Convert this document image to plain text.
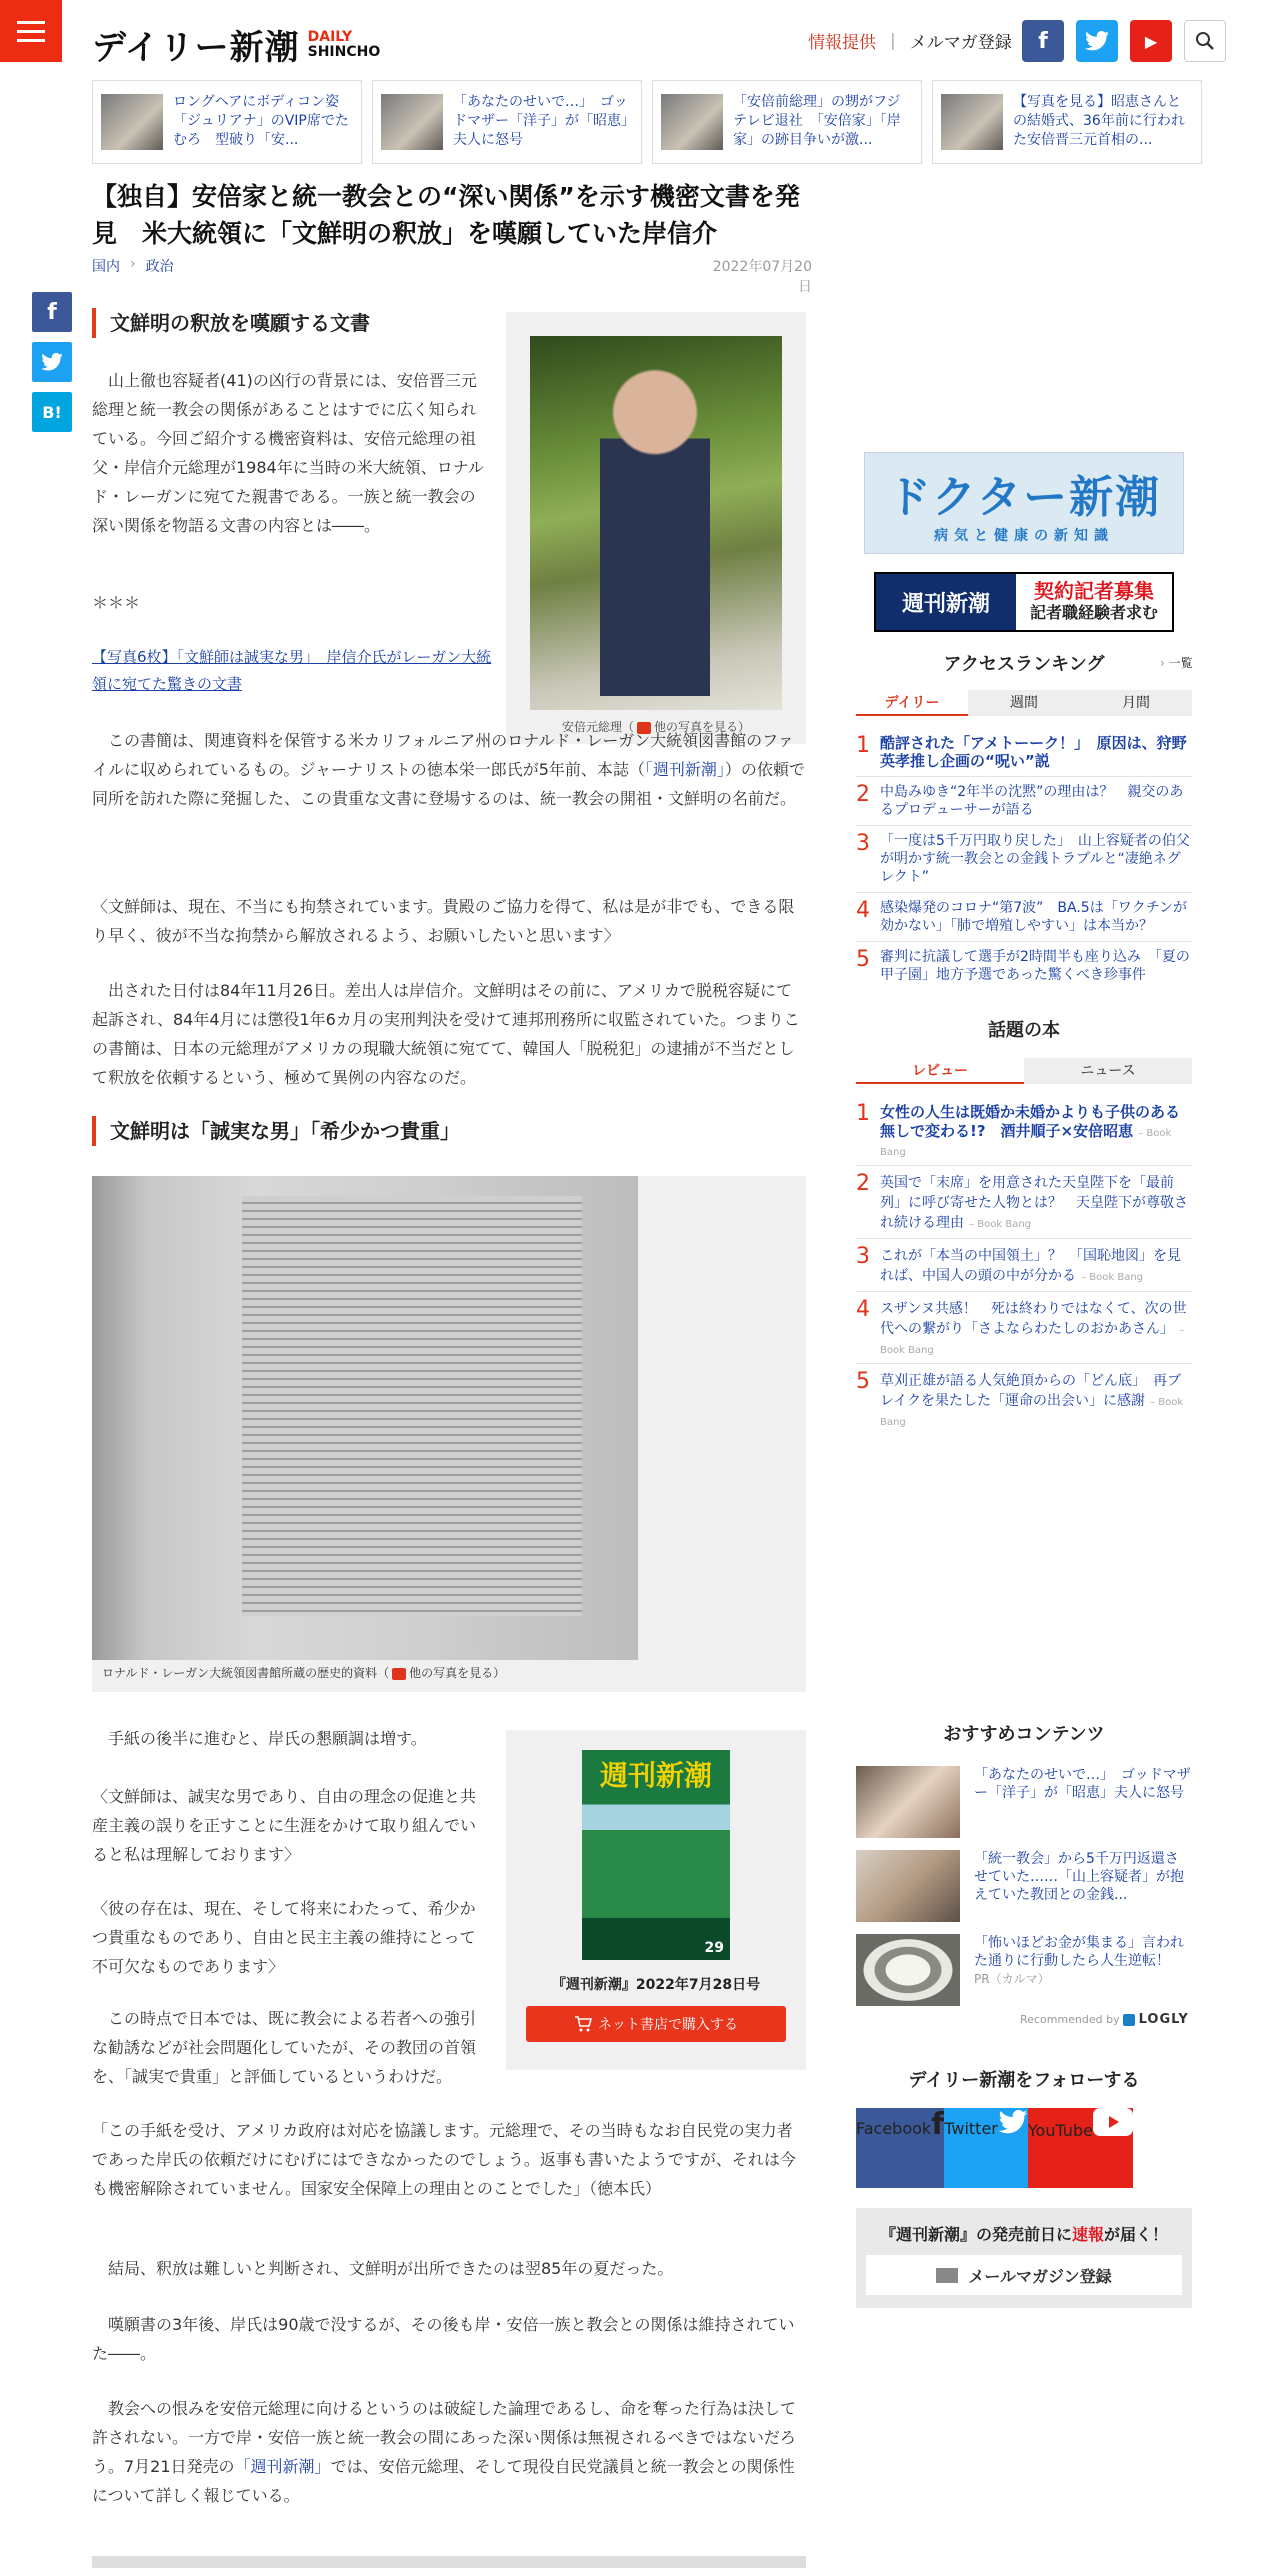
デイリー新潮 DAILY
SHINCHO	情報提供 | メルマガ登録	f	▶
ロングヘアにボディコン姿 「ジュリアナ」のVIP席でたむろ　型破り「安...
「あなたのせいで…」　ゴッドマザー「洋子」が「昭恵」夫人に怒号
「安倍前総理」の甥がフジテレビ退社　「安倍家」「岸家」の跡目争いが激...
【写真を見る】昭恵さんとの結婚式、36年前に行われた安倍晋三元首相の...
【独自】安倍家と統一教会との“深い関係”を示す機密文書を発見　米大統領に「文鮮明の釈放」を嘆願していた岸信介
国内 › 政治	2022年07月20日
f
B!
文鮮明の釈放を嘆願する文書

　山上徹也容疑者(41)の凶行の背景には、安倍晋三元総理と統一教会の関係があることはすでに広く知られている。今回ご紹介する機密資料は、安倍元総理の祖父・岸信介元総理が1984年に当時の米大統領、ロナルド・レーガンに宛てた親書である。一族と統一教会の深い関係を物語る文書の内容とは――。

＊＊＊

【写真6枚】「文鮮師は誠実な男」　岸信介氏がレーガン大統領に宛てた驚きの文書
安倍元総理（ 他の写真を見る）

　この書簡は、関連資料を保管する米カリフォルニア州のロナルド・レーガン大統領図書館のファイルに収められているもの。ジャーナリストの徳本栄一郎氏が5年前、本誌（「週刊新潮」）の依頼で同所を訪れた際に発掘した、この貴重な文書に登場するのは、統一教会の開祖・文鮮明の名前だ。

〈文鮮師は、現在、不当にも拘禁されています。貴殿のご協力を得て、私は是が非でも、できる限り早く、彼が不当な拘禁から解放されるよう、お願いしたいと思います〉

　出された日付は84年11月26日。差出人は岸信介。文鮮明はその前に、アメリカで脱税容疑にて起訴され、84年4月には懲役1年6カ月の実刑判決を受けて連邦刑務所に収監されていた。つまりこの書簡は、日本の元総理がアメリカの現職大統領に宛てて、韓国人「脱税犯」の逮捕が不当だとして釈放を依頼するという、極めて異例の内容なのだ。

文鮮明は「誠実な男」「希少かつ貴重」
ロナルド・レーガン大統領図書館所蔵の歴史的資料（ 他の写真を見る）

　手紙の後半に進むと、岸氏の懇願調は増す。

〈文鮮師は、誠実な男であり、自由の理念の促進と共産主義の誤りを正すことに生涯をかけて取り組んでいると私は理解しております〉

〈彼の存在は、現在、そして将来にわたって、希少かつ貴重なものであり、自由と民主主義の維持にとって不可欠なものであります〉

　この時点で日本では、既に教会による若者への強引な勧誘などが社会問題化していたが、その教団の首領を、「誠実で貴重」と評価しているというわけだ。

週刊新潮
29
『週刊新潮』2022年7月28日号
ネット書店で購入する

「この手紙を受け、アメリカ政府は対応を協議します。元総理で、その当時もなお自民党の実力者であった岸氏の依頼だけにむげにはできなかったのでしょう。返事も書いたようですが、それは今も機密解除されていません。国家安全保障上の理由とのことでした」（徳本氏）

　結局、釈放は難しいと判断され、文鮮明が出所できたのは翌85年の夏だった。

　嘆願書の3年後、岸氏は90歳で没するが、その後も岸・安倍一族と教会との関係は維持されていた――。

　教会への恨みを安倍元総理に向けるというのは破綻した論理であるし、命を奪った行為は決して許されない。一方で岸・安倍一族と統一教会の間にあった深い関係は無視されるべきではないだろう。7月21日発売の「週刊新潮」では、安倍元総理、そして現役自民党議員と統一教会との関係性について詳しく報じている。

ドクター新潮
病気と健康の新知識
週刊新潮
契約記者募集
記者職経験者求む
アクセスランキング	› 一覧
デイリー	週間	月間
1 酷評された「アメトーーク！」　原因は、狩野英孝推し企画の“呪い”説
2 中島みゆき“2年半の沈黙”の理由は？　親交のあるプロデューサーが語る
3 「一度は5千万円取り戻した」　山上容疑者の伯父が明かす統一教会との金銭トラブルと“凄絶ネグレクト”
4 感染爆発のコロナ“第7波”　BA.5は「ワクチンが効かない」「肺で増殖しやすい」は本当か？
5 審判に抗議して選手が2時間半も座り込み　「夏の甲子園」地方予選であった驚くべき珍事件
話題の本
レビュー	ニュース
1 女性の人生は既婚か未婚かよりも子供のある無しで変わる!?　酒井順子×安倍昭恵 – Book Bang
2 英国で「末席」を用意された天皇陛下を「最前列」に呼び寄せた人物とは？　天皇陛下が尊敬され続ける理由 – Book Bang
3 これが「本当の中国領土」？　「国恥地図」を見れば、中国人の頭の中が分かる – Book Bang
4 スザンヌ共感！　死は終わりではなくて、次の世代への繋がり「さよならわたしのおかあさん」 – Book Bang
5 草刈正雄が語る人気絶頂からの「どん底」　再ブレイクを果たした「運命の出会い」に感謝 – Book Bang
おすすめコンテンツ
「あなたのせいで…」　ゴッドマザー「洋子」が「昭恵」夫人に怒号
「統一教会」から5千万円返還させていた……「山上容疑者」が抱えていた教団との金銭...
「怖いほどお金が集まる」言われた通りに行動したら人生逆転！
PR（カルマ）
Recommended by LOGLY
デイリー新潮をフォローする
Facebookf Twitter	YouTube
『週刊新潮』の発売前日に速報が届く！
メールマガジン登録
